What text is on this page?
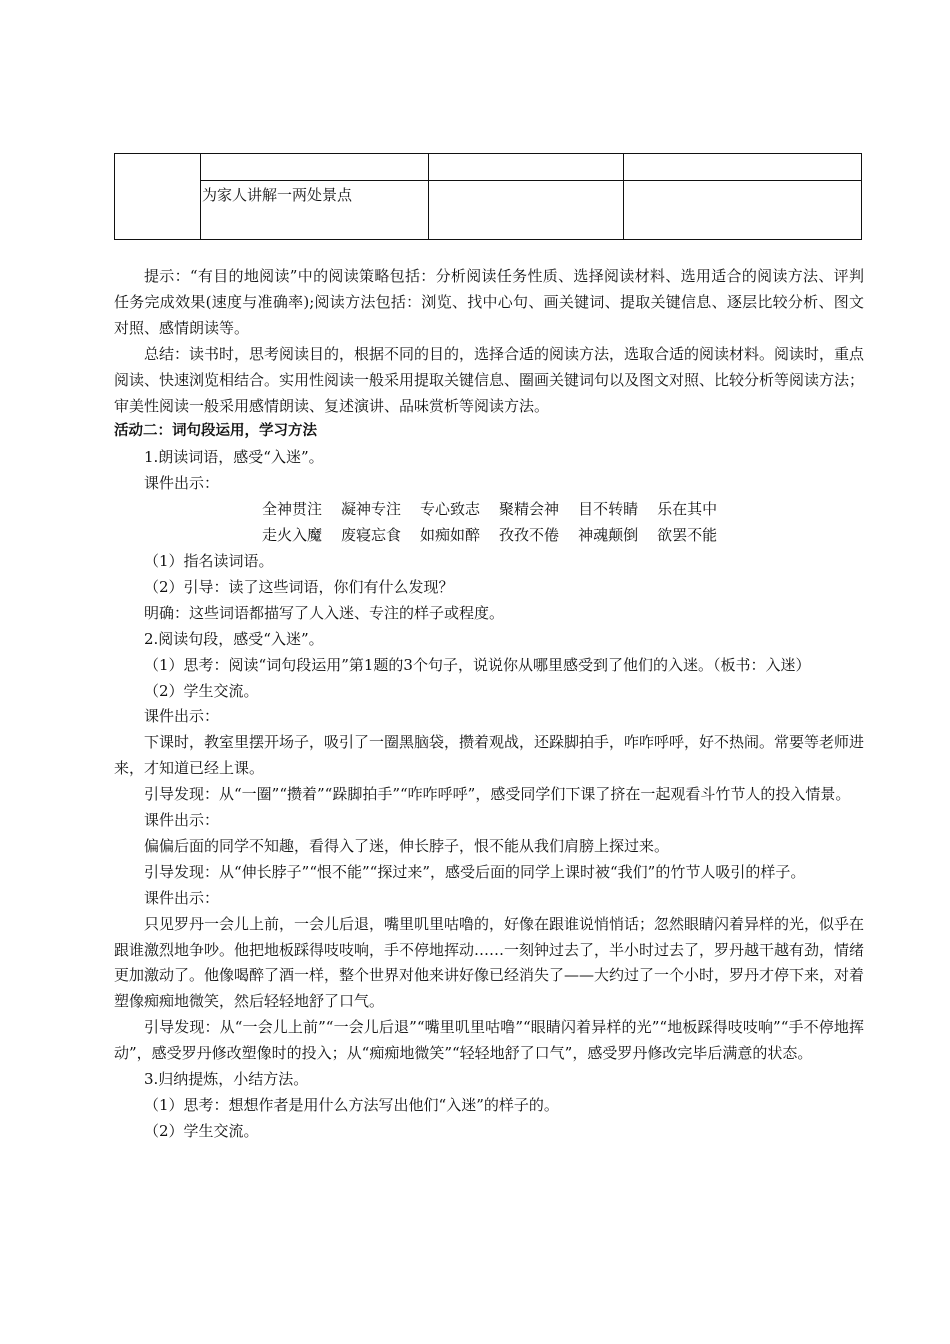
	为家人讲解一两处景点		

提示：“有目的地阅读”中的阅读策略包括：分析阅读任务性质、选择阅读材料、选用适合的阅读方法、评判任务完成效果(速度与准确率);阅读方法包括：浏览、找中心句、画关键词、提取关键信息、逐层比较分析、图文对照、感情朗读等。

总结：读书时，思考阅读目的，根据不同的目的，选择合适的阅读方法，选取合适的阅读材料。阅读时，重点阅读、快速浏览相结合。实用性阅读一般采用提取关键信息、圈画关键词句以及图文对照、比较分析等阅读方法；审美性阅读一般采用感情朗读、复述演讲、品味赏析等阅读方法。

活动二：词句段运用，学习方法

1.朗读词语，感受“入迷”。

课件出示：

全神贯注 凝神专注 专心致志 聚精会神 目不转睛 乐在其中

走火入魔 废寝忘食 如痴如醉 孜孜不倦 神魂颠倒 欲罢不能

（1）指名读词语。

（2）引导：读了这些词语，你们有什么发现？

明确：这些词语都描写了人入迷、专注的样子或程度。

2.阅读句段，感受“入迷”。

（1）思考：阅读“词句段运用”第1题的3个句子，说说你从哪里感受到了他们的入迷。（板书：入迷）

（2）学生交流。

课件出示：

下课时，教室里摆开场子，吸引了一圈黑脑袋，攒着观战，还跺脚拍手，咋咋呼呼，好不热闹。常要等老师进来，才知道已经上课。

引导发现：从“一圈”“攒着”“跺脚拍手”“咋咋呼呼”，感受同学们下课了挤在一起观看斗竹节人的投入情景。

课件出示：

偏偏后面的同学不知趣，看得入了迷，伸长脖子，恨不能从我们肩膀上探过来。

引导发现：从“伸长脖子”“恨不能”“探过来”，感受后面的同学上课时被“我们”的竹节人吸引的样子。

课件出示：

只见罗丹一会儿上前，一会儿后退，嘴里叽里咕噜的，好像在跟谁说悄悄话；忽然眼睛闪着异样的光，似乎在跟谁激烈地争吵。他把地板踩得吱吱响，手不停地挥动……一刻钟过去了，半小时过去了，罗丹越干越有劲，情绪更加激动了。他像喝醉了酒一样，整个世界对他来讲好像已经消失了——大约过了一个小时，罗丹才停下来，对着塑像痴痴地微笑，然后轻轻地舒了口气。

引导发现：从“一会儿上前”“一会儿后退”“嘴里叽里咕噜”“眼睛闪着异样的光”“地板踩得吱吱响”“手不停地挥动”，感受罗丹修改塑像时的投入；从“痴痴地微笑”“轻轻地舒了口气”，感受罗丹修改完毕后满意的状态。

3.归纳提炼，小结方法。

（1）思考：想想作者是用什么方法写出他们“入迷”的样子的。

（2）学生交流。
